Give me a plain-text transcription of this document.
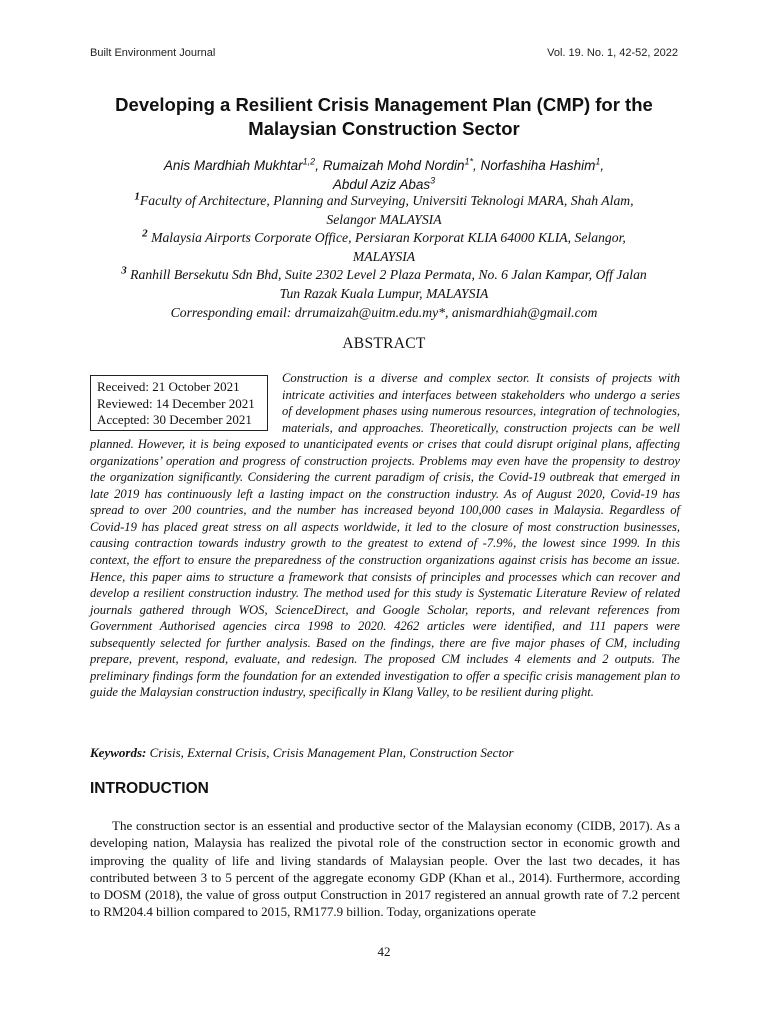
Built Environment Journal	Vol. 19. No. 1, 42-52, 2022
Developing a Resilient Crisis Management Plan (CMP) for the
Malaysian Construction Sector
Anis Mardhiah Mukhtar$^{1,2}$, Rumaizah Mohd Nordin$^{1*}$, Norfashiha Hashim$^1$,
Abdul Aziz Abas$^3$
$^1$Faculty of Architecture, Planning and Surveying, Universiti Teknologi MARA, Shah Alam,
Selangor MALAYSIA
$^2$ Malaysia Airports Corporate Office, Persiaran Korporat KLIA 64000 KLIA, Selangor,
MALAYSIA
$^3$ Ranhill Bersekutu Sdn Bhd, Suite 2302 Level 2 Plaza Permata, No. 6 Jalan Kampar, Off Jalan
Tun Razak Kuala Lumpur, MALAYSIA
Corresponding email: drrumaizah@uitm.edu.my*, anismardhiah@gmail.com
ABSTRACT
Construction is a diverse and complex sector. It consists of projects with intricate activities and interfaces between stakeholders who undergo a series of development phases using numerous resources, integration of technologies, materials, and approaches. Theoretically, construction projects can be well planned. However, it is being exposed to unanticipated events or crises that could disrupt original plans, affecting organizations’ operation and progress of construction projects. Problems may even have the propensity to destroy the organization significantly. Considering the current paradigm of crisis, the Covid-19 outbreak that emerged in late 2019 has continuously left a lasting impact on the construction industry. As of August 2020, Covid-19 has spread to over 200 countries, and the number has increased beyond 100,000 cases in Malaysia. Regardless of Covid-19 has placed great stress on all aspects worldwide, it led to the closure of most construction businesses, causing contraction towards industry growth to the greatest to extend of -7.9%, the lowest since 1999. In this context, the effort to ensure the preparedness of the construction organizations against crisis has become an issue. Hence, this paper aims to structure a framework that consists of principles and processes which can recover and develop a resilient construction industry. The method used for this study is Systematic Literature Review of related journals gathered through WOS, ScienceDirect, and Google Scholar, reports, and relevant references from Government Authorised agencies circa 1998 to 2020. 4262 articles were identified, and 111 papers were subsequently selected for further analysis. Based on the findings, there are five major phases of CM, including prepare, prevent, respond, evaluate, and redesign. The proposed CM includes 4 elements and 2 outputs. The preliminary findings form the foundation for an extended investigation to offer a specific crisis management plan to guide the Malaysian construction industry, specifically in Klang Valley, to be resilient during plight.
Received: 21 October 2021
Reviewed: 14 December 2021
Accepted: 30 December 2021
Keywords: Crisis, External Crisis, Crisis Management Plan, Construction Sector
INTRODUCTION
The construction sector is an essential and productive sector of the Malaysian economy (CIDB, 2017). As a developing nation, Malaysia has realized the pivotal role of the construction sector in economic growth and improving the quality of life and living standards of Malaysian people. Over the last two decades, it has contributed between 3 to 5 percent of the aggregate economy GDP (Khan et al., 2014). Furthermore, according to DOSM (2018), the value of gross output Construction in 2017 registered an annual growth rate of 7.2 percent to RM204.4 billion compared to 2015, RM177.9 billion. Today, organizations operate
42
